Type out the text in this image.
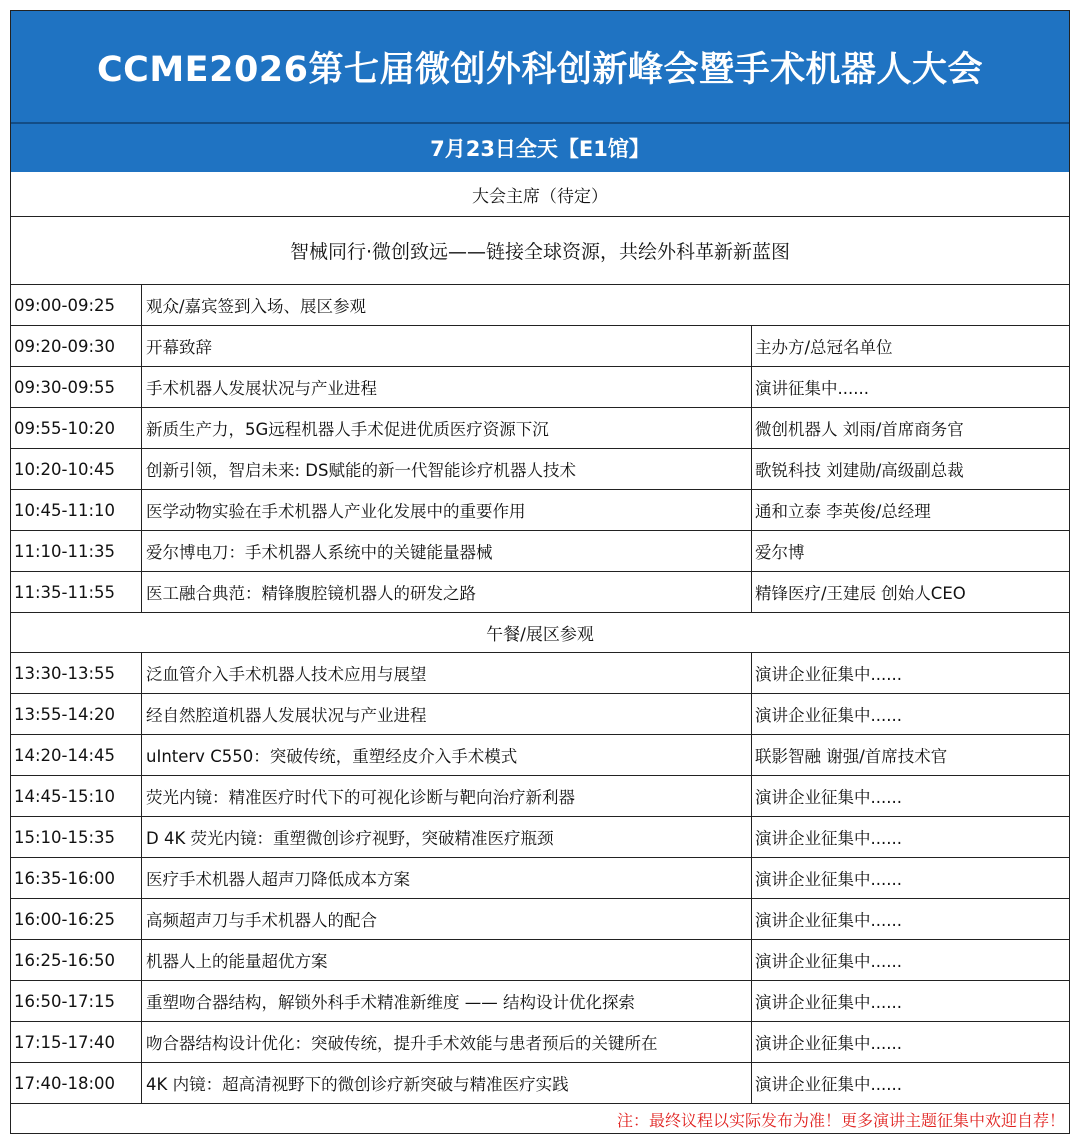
CCME2026第七届微创外科创新峰会暨手术机器人大会
7月23日全天【E1馆】
大会主席（待定）
智械同行·微创致远——链接全球资源，共绘外科革新新蓝图
09:00-09:25	观众/嘉宾签到入场、展区参观
09:20-09:30	开幕致辞	主办方/总冠名单位
09:30-09:55	手术机器人发展状况与产业进程	演讲征集中......
09:55-10:20	新质生产力，5G远程机器人手术促进优质医疗资源下沉	微创机器人 刘雨/首席商务官
10:20-10:45	创新引领，智启未来: DS赋能的新一代智能诊疗机器人技术	歌锐科技 刘建勋/高级副总裁
10:45-11:10	医学动物实验在手术机器人产业化发展中的重要作用	通和立泰 李英俊/总经理
11:10-11:35	爱尔博电刀：手术机器人系统中的关键能量器械	爱尔博
11:35-11:55	医工融合典范：精锋腹腔镜机器人的研发之路	精锋医疗/王建辰 创始人CEO
午餐/展区参观
13:30-13:55	泛血管介入手术机器人技术应用与展望	演讲企业征集中......
13:55-14:20	经自然腔道机器人发展状况与产业进程	演讲企业征集中......
14:20-14:45	uInterv C550：突破传统，重塑经皮介入手术模式	联影智融 谢强/首席技术官
14:45-15:10	荧光内镜：精准医疗时代下的可视化诊断与靶向治疗新利器	演讲企业征集中......
15:10-15:35	D 4K 荧光内镜：重塑微创诊疗视野，突破精准医疗瓶颈	演讲企业征集中......
16:35-16:00	医疗手术机器人超声刀降低成本方案	演讲企业征集中......
16:00-16:25	高频超声刀与手术机器人的配合	演讲企业征集中......
16:25-16:50	机器人上的能量超优方案	演讲企业征集中......
16:50-17:15	重塑吻合器结构，解锁外科手术精准新维度 —— 结构设计优化探索	演讲企业征集中......
17:15-17:40	吻合器结构设计优化：突破传统，提升手术效能与患者预后的关键所在	演讲企业征集中......
17:40-18:00	4K 内镜：超高清视野下的微创诊疗新突破与精准医疗实践	演讲企业征集中......
注：最终议程以实际发布为准！更多演讲主题征集中欢迎自荐！
